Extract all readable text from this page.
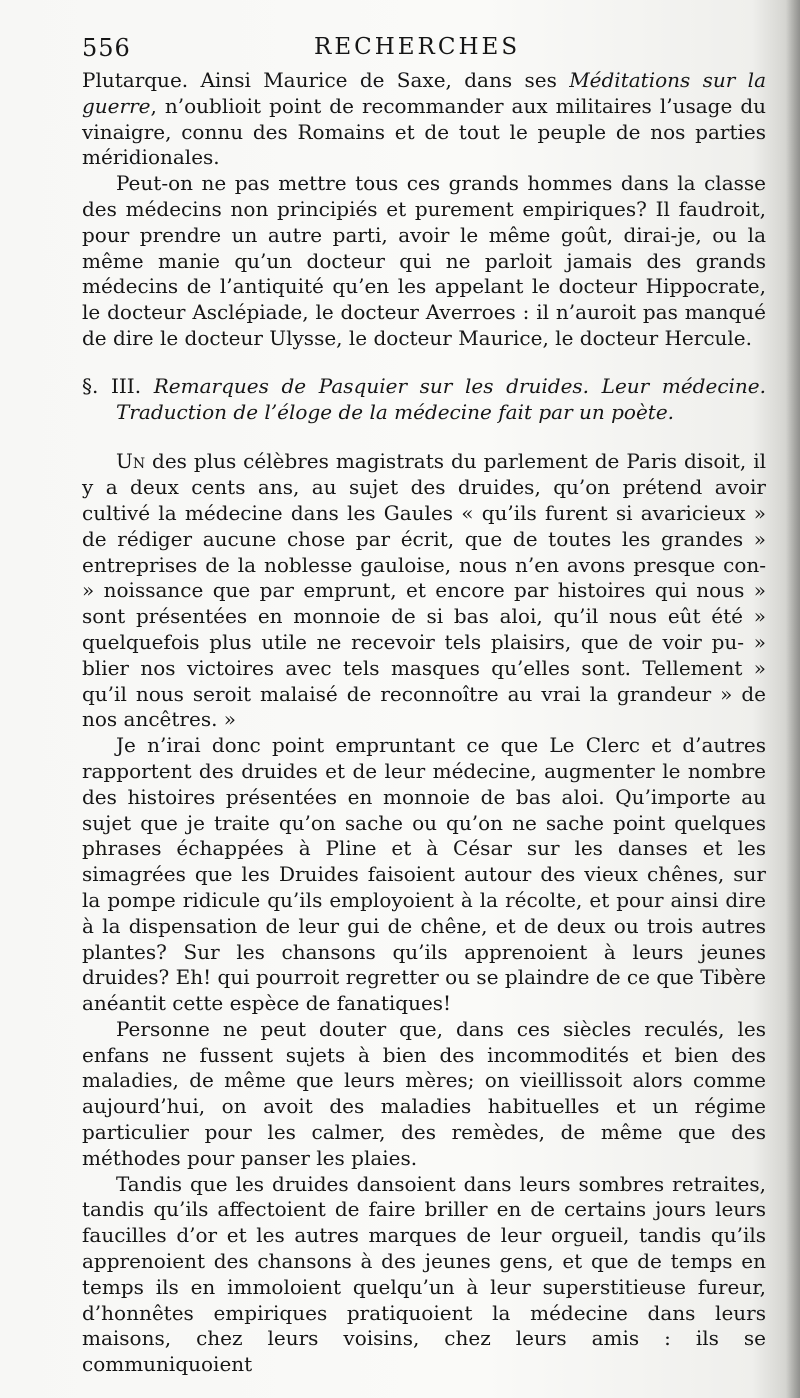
556	RECHERCHES

Plutarque. Ainsi Maurice de Saxe, dans ses Méditations sur la guerre, n’oublioit point de recommander aux militaires l’usage du vinaigre, connu des Romains et de tout le peuple de nos parties méridionales.

Peut-on ne pas mettre tous ces grands hommes dans la classe des médecins non principiés et purement empiriques? Il faudroit, pour prendre un autre parti, avoir le même goût, dirai-je, ou la même manie qu’un docteur qui ne parloit jamais des grands médecins de l’antiquité qu’en les appelant le docteur Hippocrate, le docteur Asclépiade, le docteur Averroes : il n’auroit pas manqué de dire le docteur Ulysse, le docteur Maurice, le docteur Hercule.

§. III. Remarques de Pasquier sur les druides. Leur médecine. Traduction de l’éloge de la médecine fait par un poète.

Un des plus célèbres magistrats du parlement de Paris disoit, il y a deux cents ans, au sujet des druides, qu’on prétend avoir cultivé la médecine dans les Gaules « qu’ils furent si avaricieux » de rédiger aucune chose par écrit, que de toutes les grandes » entreprises de la noblesse gauloise, nous n’en avons presque con- » noissance que par emprunt, et encore par histoires qui nous » sont présentées en monnoie de si bas aloi, qu’il nous eût été » quelquefois plus utile ne recevoir tels plaisirs, que de voir pu- » blier nos victoires avec tels masques qu’elles sont. Tellement » qu’il nous seroit malaisé de reconnoître au vrai la grandeur » de nos ancêtres. »

Je n’irai donc point empruntant ce que Le Clerc et d’autres rapportent des druides et de leur médecine, augmenter le nombre des histoires présentées en monnoie de bas aloi. Qu’importe au sujet que je traite qu’on sache ou qu’on ne sache point quelques phrases échappées à Pline et à César sur les danses et les simagrées que les Druides faisoient autour des vieux chênes, sur la pompe ridicule qu’ils employoient à la récolte, et pour ainsi dire à la dispensation de leur gui de chêne, et de deux ou trois autres plantes? Sur les chansons qu’ils apprenoient à leurs jeunes druides? Eh! qui pourroit regretter ou se plaindre de ce que Tibère anéantit cette espèce de fanatiques!

Personne ne peut douter que, dans ces siècles reculés, les enfans ne fussent sujets à bien des incommodités et bien des maladies, de même que leurs mères; on vieillissoit alors comme aujourd’hui, on avoit des maladies habituelles et un régime particulier pour les calmer, des remèdes, de même que des méthodes pour panser les plaies.

Tandis que les druides dansoient dans leurs sombres retraites, tandis qu’ils affectoient de faire briller en de certains jours leurs faucilles d’or et les autres marques de leur orgueil, tandis qu’ils apprenoient des chansons à des jeunes gens, et que de temps en temps ils en immoloient quelqu’un à leur superstitieuse fureur, d’honnêtes empiriques pratiquoient la médecine dans leurs maisons, chez leurs voisins, chez leurs amis : ils se communiquoient
